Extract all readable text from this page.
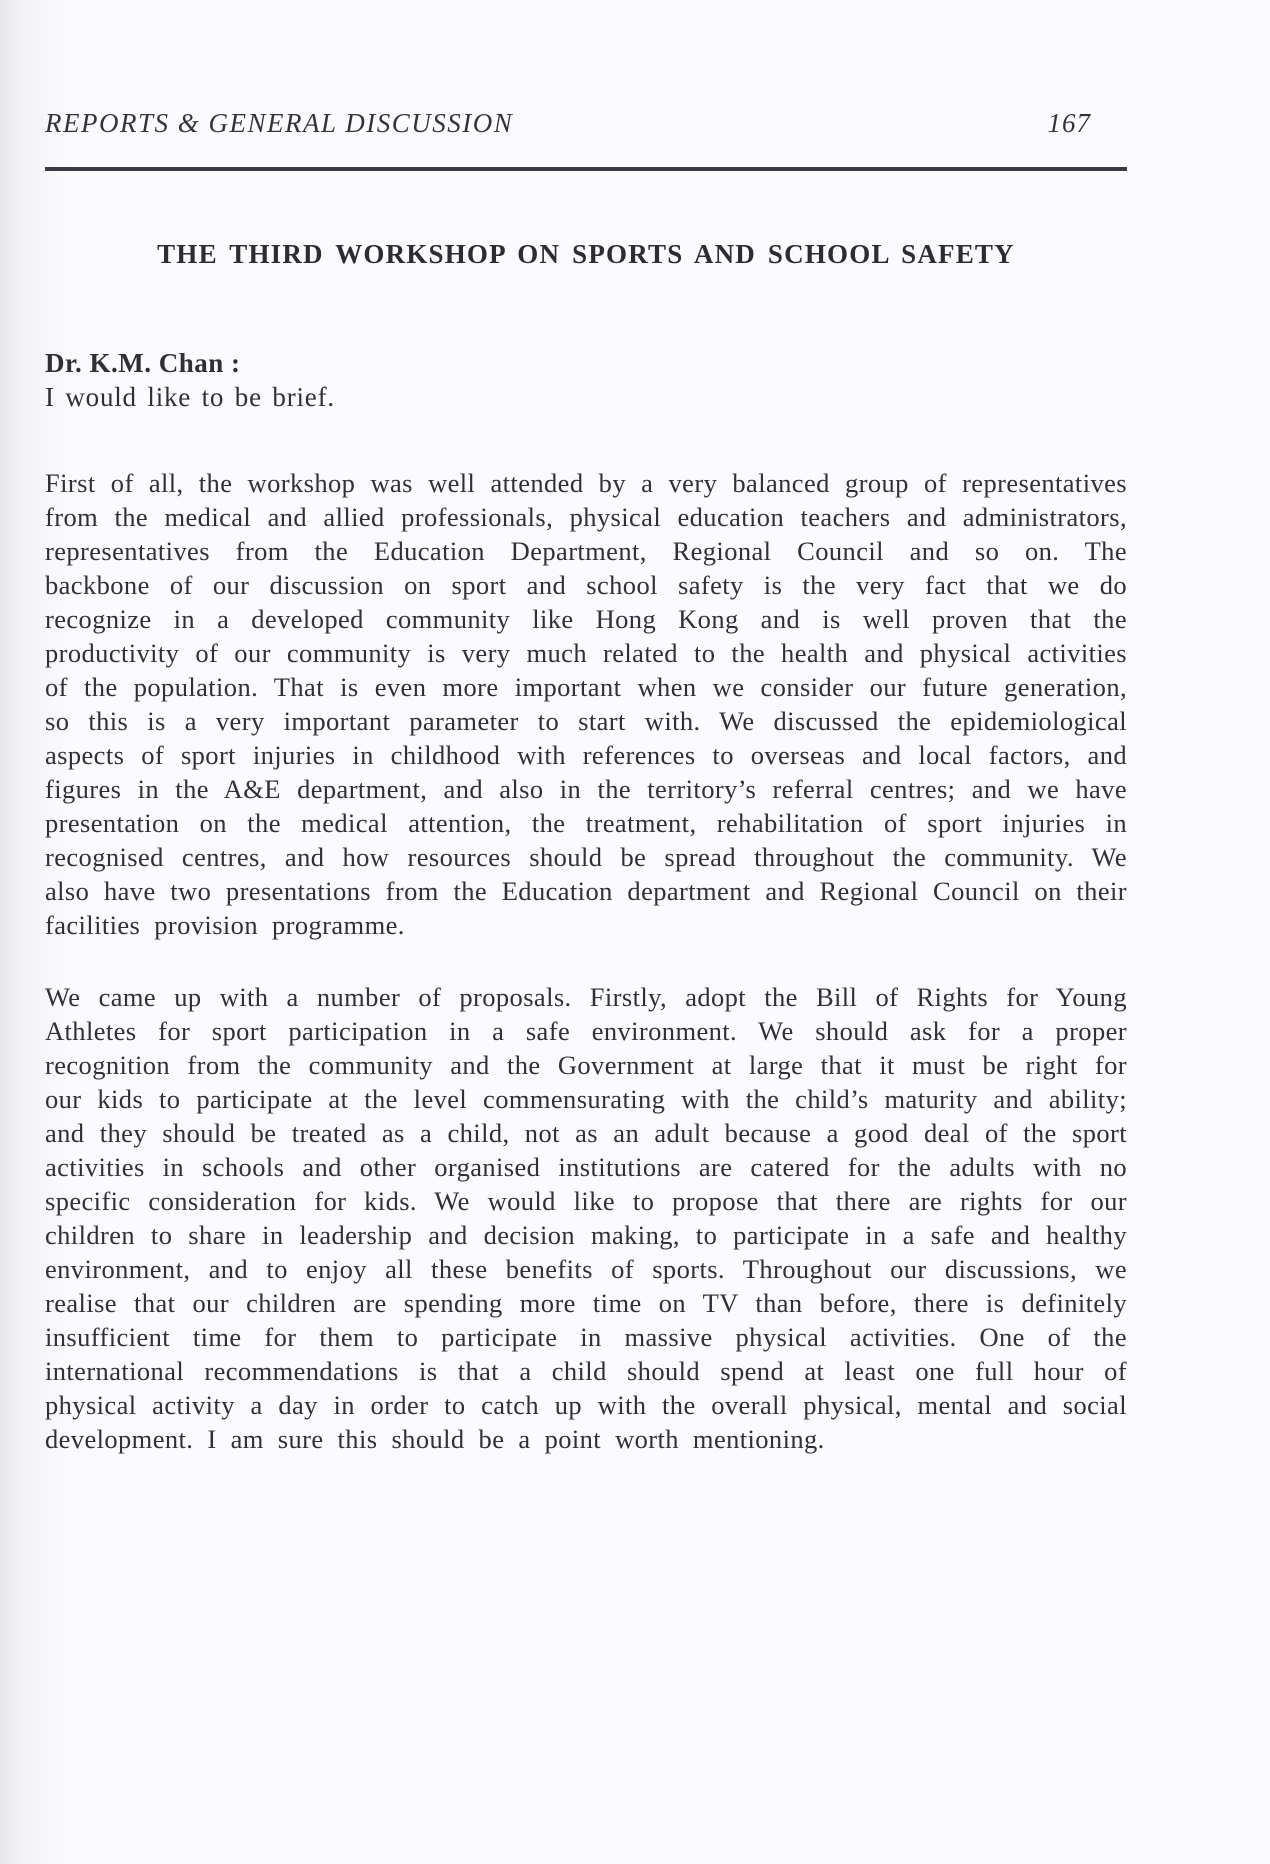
REPORTS & GENERAL DISCUSSION	167
THE THIRD WORKSHOP ON SPORTS AND SCHOOL SAFETY
Dr. K.M. Chan :
I would like to be brief.

First of all, the workshop was well attended by a very balanced group of representatives from the medical and allied professionals, physical education teachers and administrators, representatives from the Education Department, Regional Council and so on. The backbone of our discussion on sport and school safety is the very fact that we do recognize in a developed community like Hong Kong and is well proven that the productivity of our community is very much related to the health and physical activities of the population. That is even more important when we consider our future generation, so this is a very important parameter to start with. We discussed the epidemiological aspects of sport injuries in childhood with references to overseas and local factors, and figures in the A&E department, and also in the territory’s referral centres; and we have presentation on the medical attention, the treatment, rehabilitation of sport injuries in recognised centres, and how resources should be spread throughout the community. We also have two presentations from the Education department and Regional Council on their facilities provision programme.

We came up with a number of proposals. Firstly, adopt the Bill of Rights for Young Athletes for sport participation in a safe environment. We should ask for a proper recognition from the community and the Government at large that it must be right for our kids to participate at the level commensurating with the child’s maturity and ability; and they should be treated as a child, not as an adult because a good deal of the sport activities in schools and other organised institutions are catered for the adults with no specific consideration for kids. We would like to propose that there are rights for our children to share in leadership and decision making, to participate in a safe and healthy environment, and to enjoy all these benefits of sports. Throughout our discussions, we realise that our children are spending more time on TV than before, there is definitely insufficient time for them to participate in massive physical activities. One of the international recommendations is that a child should spend at least one full hour of physical activity a day in order to catch up with the overall physical, mental and social development. I am sure this should be a point worth mentioning.
